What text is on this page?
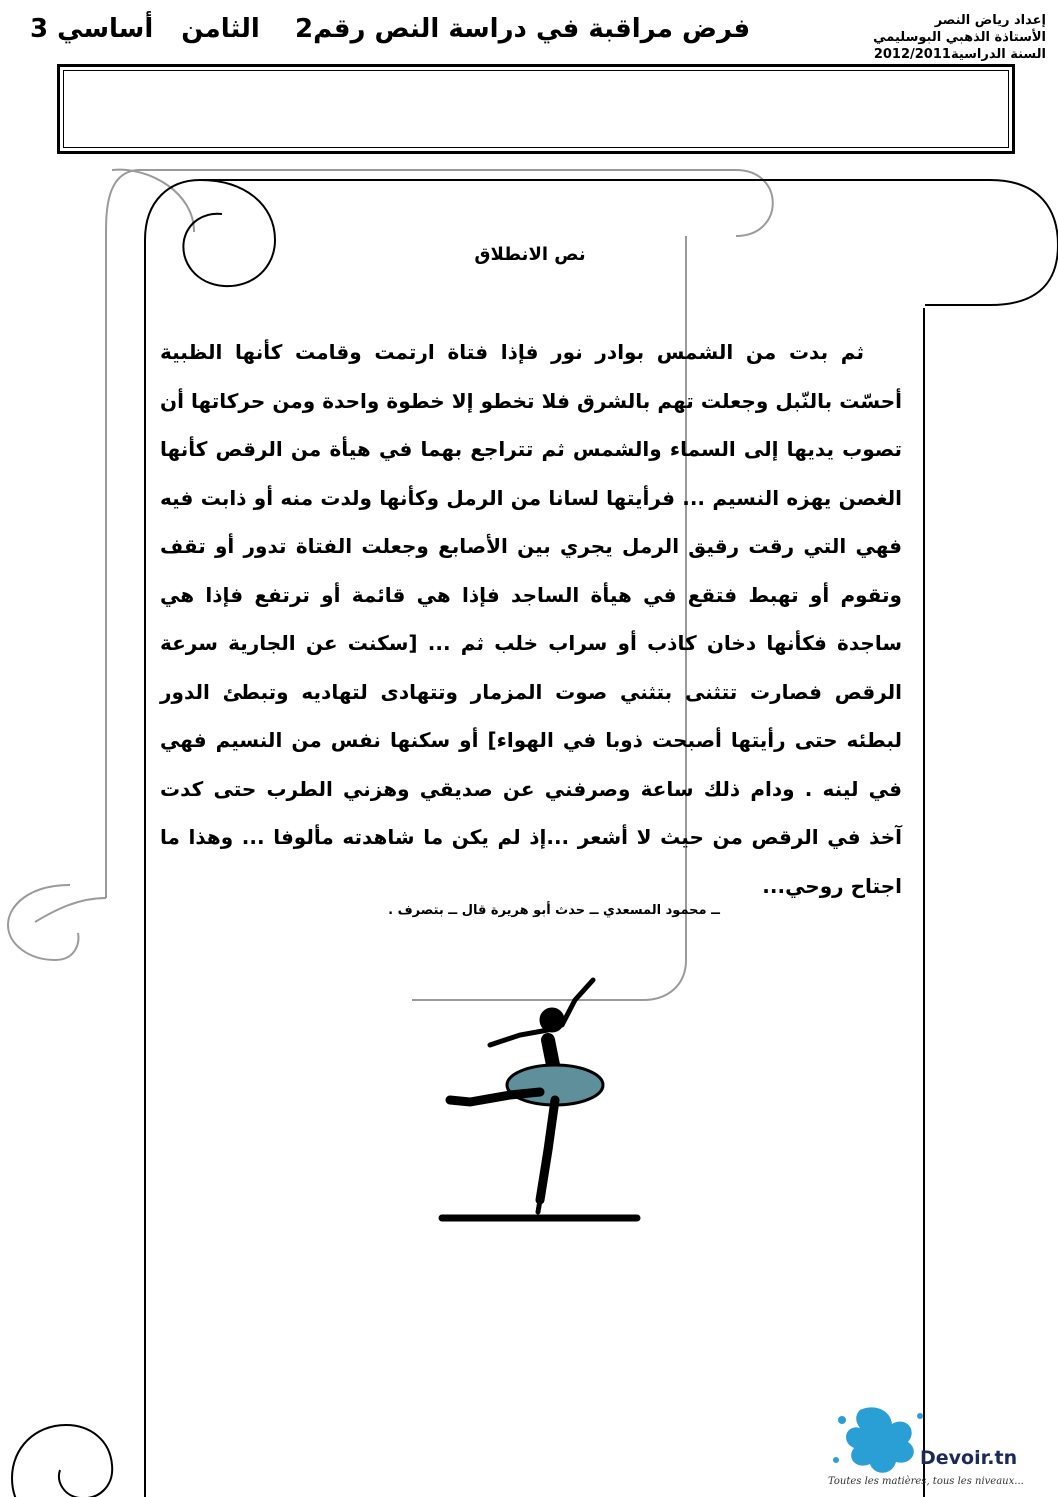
إعداد رياض النصر
الأستاذة الذهبي البوسليمي
السنة الدراسية2012/2011
فرض مراقبة في دراسة النص رقم2
الثامنأساسي 3
نص الانطلاق

ثم بدت من الشمس بوادر نور فإذا فتاة ارتمت وقامت كأنها الظبية أحسّت بالنّبل وجعلت تهم بالشرق فلا تخطو إلا خطوة واحدة ومن حركاتها أن تصوب يديها إلى السماء والشمس ثم تتراجع بهما في هيأة من الرقص كأنها الغصن يهزه النسيم ... فرأيتها لسانا من الرمل وكأنها ولدت منه أو ذابت فيه فهي التي رقت رقيق الرمل يجري بين الأصابع وجعلت الفتاة تدور أو تقف وتقوم أو تهبط فتقع في هيأة الساجد فإذا هي قائمة أو ترتفع فإذا هي ساجدة فكأنها دخان كاذب أو سراب خلب ثم ... [سكنت عن الجارية سرعة الرقص فصارت تتثنى بتثني صوت المزمار وتتهادى لتهاديه وتبطئ الدور لبطئه حتى رأيتها أصبحت ذوبا في الهواء] أو سكنها نفس من النسيم فهي في لينه . ودام ذلك ساعة وصرفني عن صديقي وهزني الطرب حتى كدت آخذ في الرقص من حيث لا أشعر ...إذ لم يكن ما شاهدته مألوفا ... وهذا ما اجتاح روحي...

ــ محمود المسعدي ــ حدث أبو هريرة قال ــ بتصرف .
Devoir.tn
Toutes les matières, tous les niveaux...
